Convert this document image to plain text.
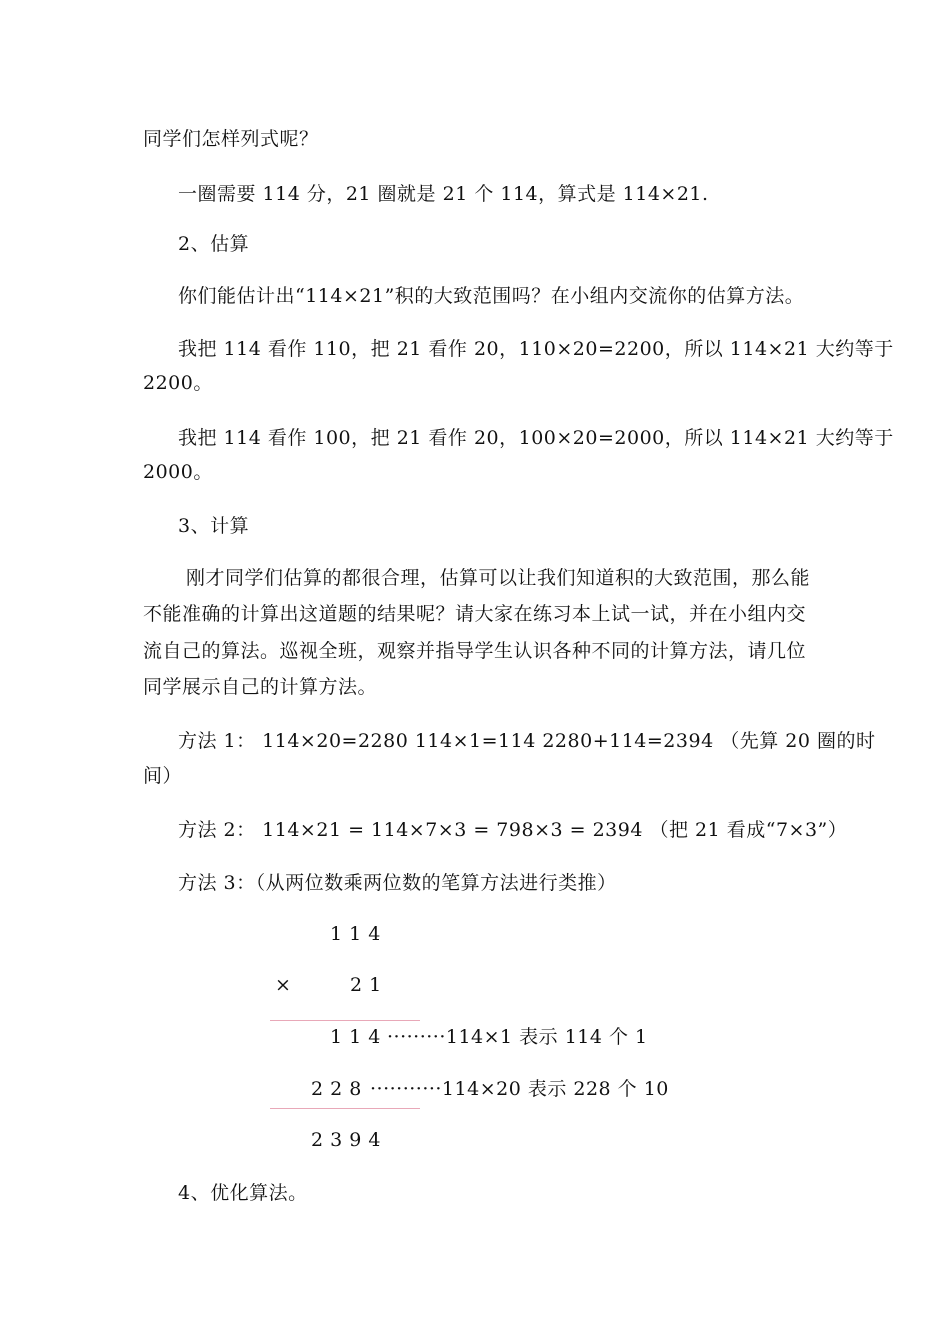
同学们怎样列式呢？
一圈需要 114 分，21 圈就是 21 个 114，算式是 114×21.
2、估算
你们能估计出“114×21”积的大致范围吗？在小组内交流你的估算方法。
我把 114 看作 110，把 21 看作 20，110×20=2200，所以 114×21 大约等于
2200。
我把 114 看作 100，把 21 看作 20，100×20=2000，所以 114×21 大约等于
2000。
3、计算
刚才同学们估算的都很合理，估算可以让我们知道积的大致范围，那么能
不能准确的计算出这道题的结果呢？请大家在练习本上试一试，并在小组内交
流自己的算法。巡视全班，观察并指导学生认识各种不同的计算方法，请几位
同学展示自己的计算方法。
方法 1： 114×20=2280 114×1=114 2280+114=2394 （先算 20 圈的时
间）
方法 2： 114×21 = 114×7×3 = 798×3 = 2394 （把 21 看成“7×3”）
方法 3：（从两位数乘两位数的笔算方法进行类推）
1 1 4
×	2 1
1 1 4 ·········114×1 表示 114 个 1
2 2 8 ···········114×20 表示 228 个 10
2 3 9 4
4、优化算法。
